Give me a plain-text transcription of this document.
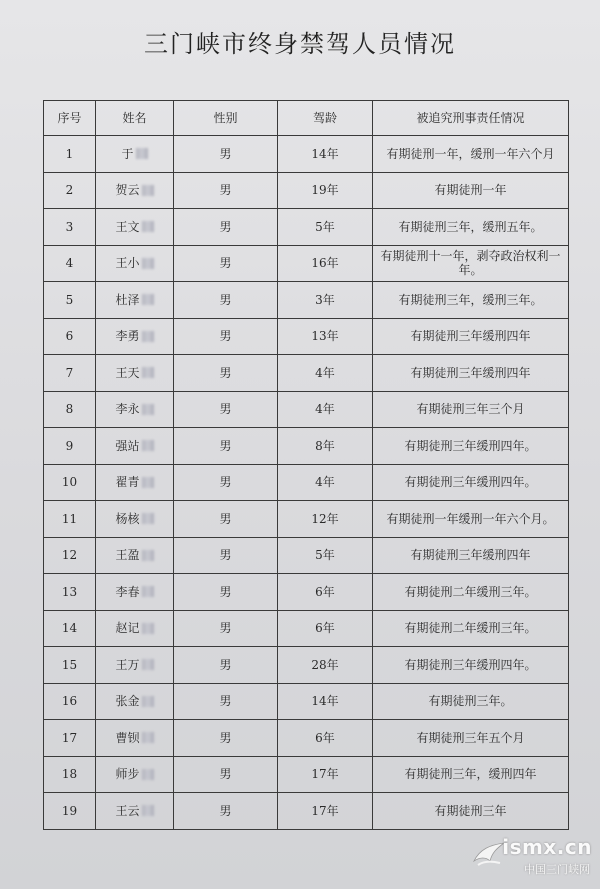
三门峡市终身禁驾人员情况
序号	姓名	性别	驾龄	被追究刑事责任情况
1	于	男	14年	有期徒刑一年，缓刑一年六个月
2	贺云	男	19年	有期徒刑一年
3	王文	男	5年	有期徒刑三年，缓刑五年。
4	王小	男	16年	有期徒刑十一年，剥夺政治权利一年。
5	杜泽	男	3年	有期徒刑三年，缓刑三年。
6	李勇	男	13年	有期徒刑三年缓刑四年
7	王天	男	4年	有期徒刑三年缓刑四年
8	李永	男	4年	有期徒刑三年三个月
9	强站	男	8年	有期徒刑三年缓刑四年。
10	翟青	男	4年	有期徒刑三年缓刑四年。
11	杨核	男	12年	有期徒刑一年缓刑一年六个月。
12	王盈	男	5年	有期徒刑三年缓刑四年
13	李春	男	6年	有期徒刑二年缓刑三年。
14	赵记	男	6年	有期徒刑二年缓刑三年。
15	王万	男	28年	有期徒刑三年缓刑四年。
16	张金	男	14年	有期徒刑三年。
17	曹钡	男	6年	有期徒刑三年五个月
18	师步	男	17年	有期徒刑三年，缓刑四年
19	王云	男	17年	有期徒刑三年
ismx.cn
中国三门峡网
